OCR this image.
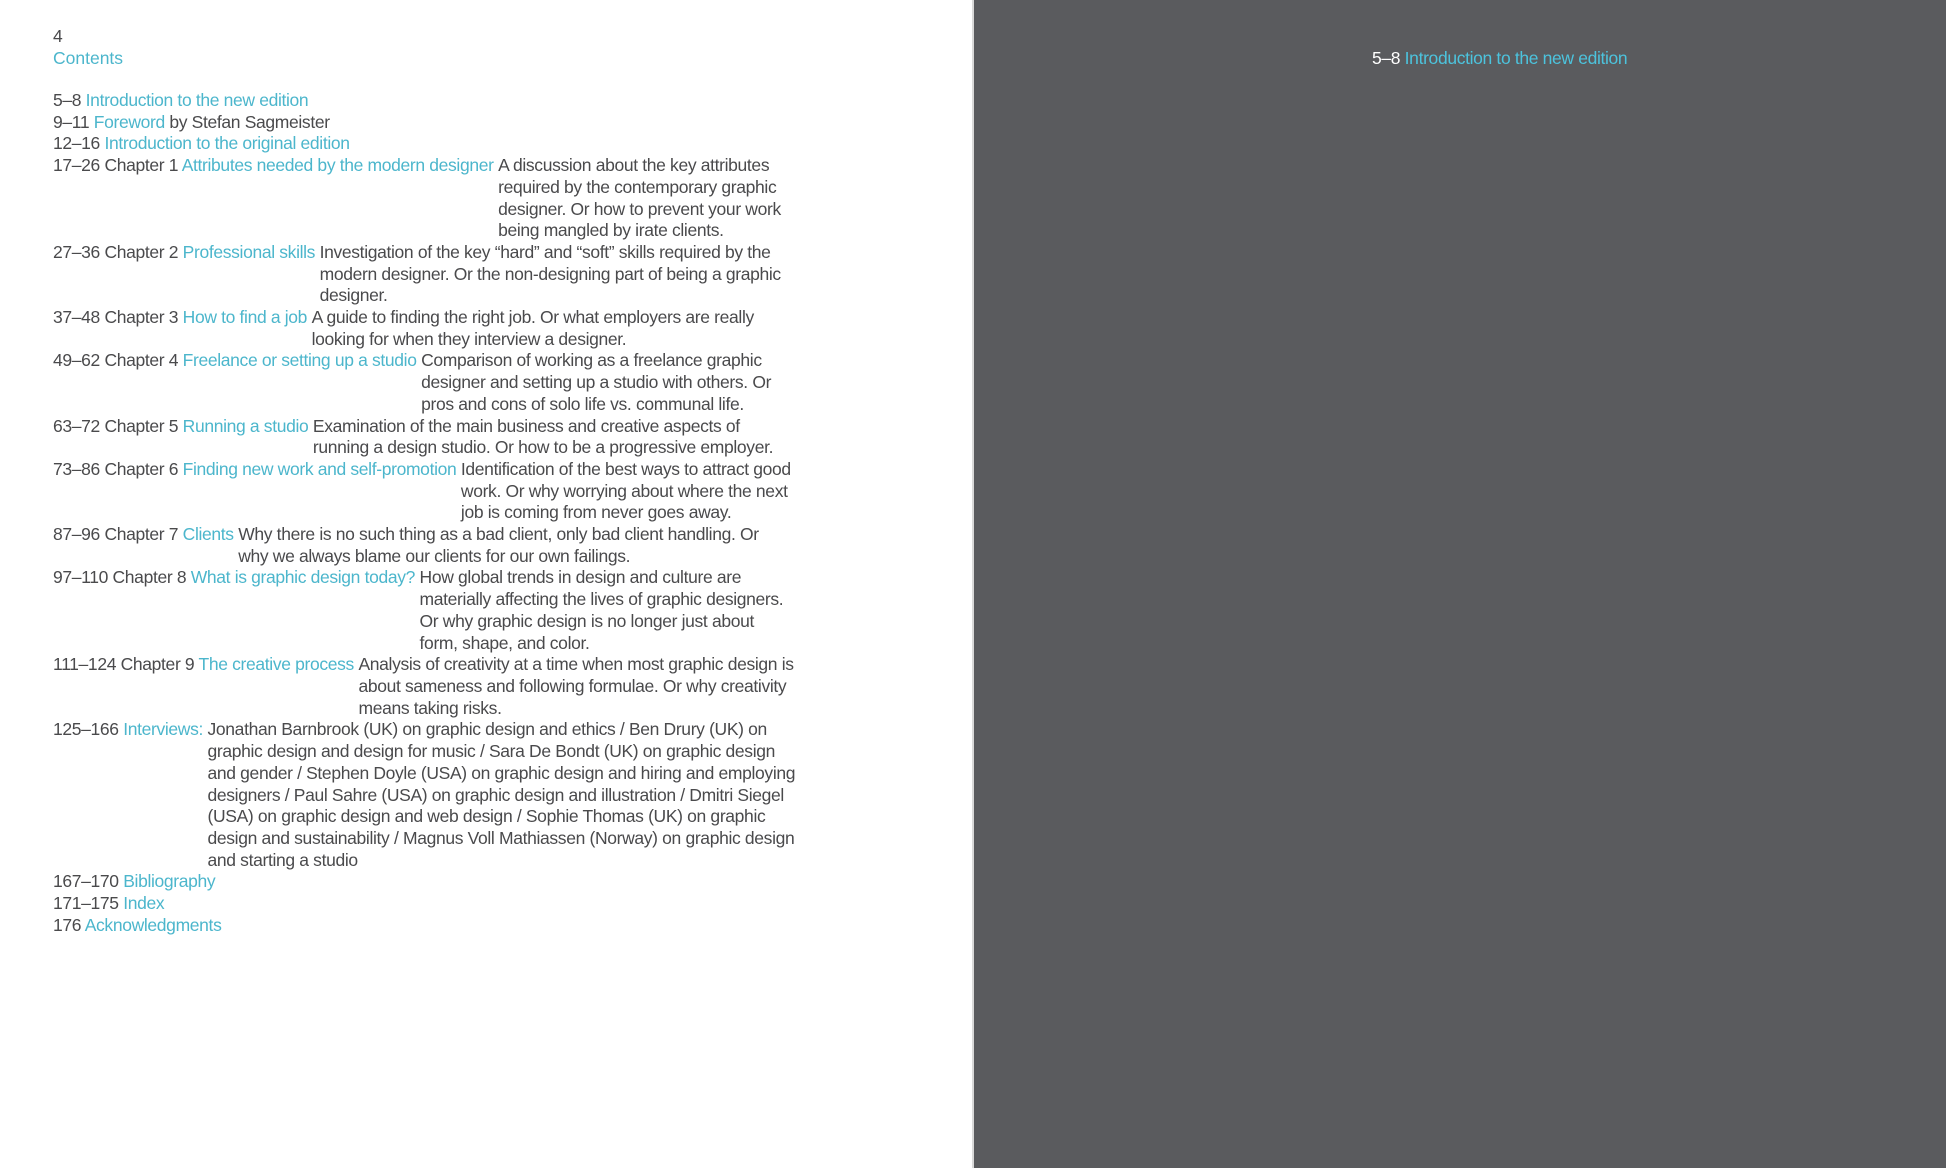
4
Contents
5–8 Introduction to the new edition
9–11 Foreword by Stefan Sagmeister
12–16 Introduction to the original edition
17–26 Chapter 1 Attributes needed by the modern designer A discussion about the key attributes required by the contemporary graphic designer. Or how to prevent your work being mangled by irate clients.
27–36 Chapter 2 Professional skills Investigation of the key “hard” and “soft” skills required by the modern designer. Or the non-designing part of being a graphic designer.
37–48 Chapter 3 How to find a job A guide to finding the right job. Or what employers are really looking for when they interview a designer.
49–62 Chapter 4 Freelance or setting up a studio Comparison of working as a freelance graphic designer and setting up a studio with others. Or pros and cons of solo life vs. communal life.
63–72 Chapter 5 Running a studio Examination of the main business and creative aspects of running a design studio. Or how to be a progressive employer.
73–86 Chapter 6 Finding new work and self-promotion Identification of the best ways to attract good work. Or why worrying about where the next job is coming from never goes away.
87–96 Chapter 7 Clients Why there is no such thing as a bad client, only bad client handling. Or why we always blame our clients for our own failings.
97–110 Chapter 8 What is graphic design today? How global trends in design and culture are materially affecting the lives of graphic designers. Or why graphic design is no longer just about form, shape, and color.
111–124 Chapter 9 The creative process Analysis of creativity at a time when most graphic design is about sameness and following formulae. Or why creativity means taking risks.
125–166 Interviews: Jonathan Barnbrook (UK) on graphic design and ethics / Ben Drury (UK) on graphic design and design for music / Sara De Bondt (UK) on graphic design and gender / Stephen Doyle (USA) on graphic design and hiring and employing designers / Paul Sahre (USA) on graphic design and illustration / Dmitri Siegel (USA) on graphic design and web design / Sophie Thomas (UK) on graphic design and sustainability / Magnus Voll Mathiassen (Norway) on graphic design and starting a studio
167–170 Bibliography
171–175 Index
176 Acknowledgments
5–8 Introduction to the new edition
